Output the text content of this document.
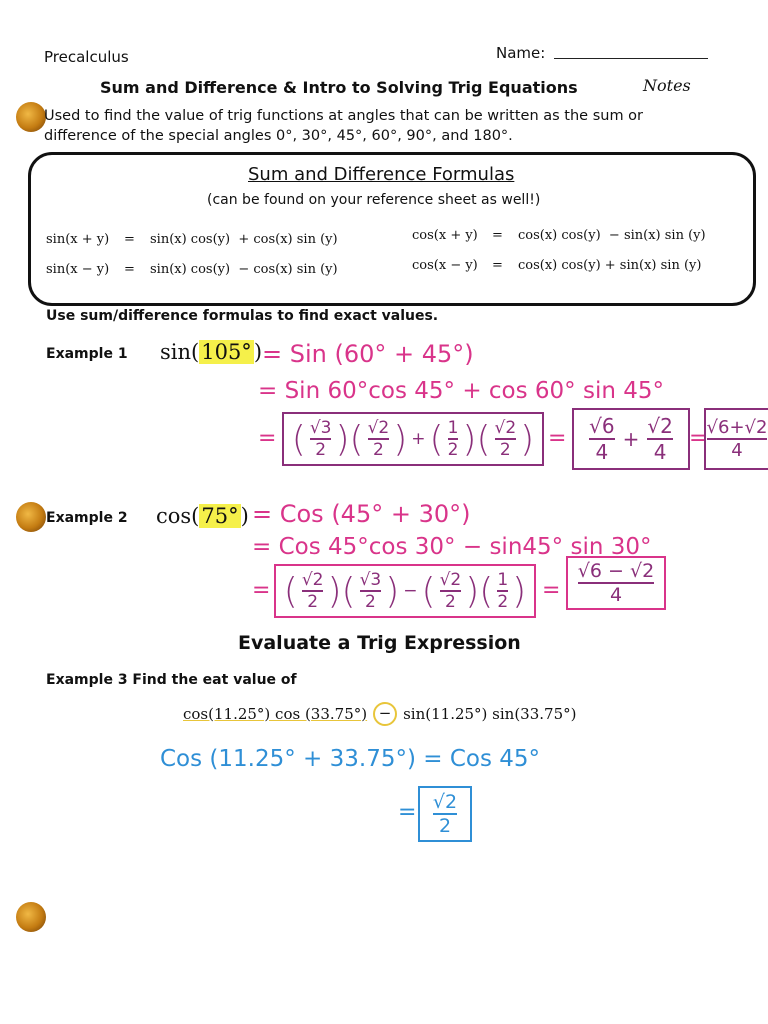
Precalculus	Name:
Sum and Difference & Intro to Solving Trig Equations	Notes
Used to find the value of trig functions at angles that can be written as the sum or
difference of the special angles 0°, 30°, 45°, 60°, 90°, and 180°.
Sum and Difference Formulas
(can be found on your reference sheet as well!)
sin(x + y) = sin(x) cos(y)  + cos(x) sin (y)
sin(x − y) = sin(x) cos(y)  − cos(x) sin (y)
cos(x + y) = cos(x) cos(y)  − sin(x) sin (y)
cos(x − y) = cos(x) cos(y) + sin(x) sin (y)
Use sum/difference formulas to find exact values.
Example 1 sin(105°) = Sin (60° + 45°)
= Sin 60°cos 45° + cos 60° sin 45°
= ( $\frac{√3}{2}$ )( $\frac{√2}{2}$ ) + ( $\frac{1}{2}$ )( $\frac{√2}{2}$ ) = $\frac{√6}{4} + \frac{√2}{4} = \frac{√6+√2}{4}$
Example 2 cos(75°) = Cos (45° + 30°)
= Cos 45°cos 30° − sin45° sin 30°
= ( $\frac{√2}{2}$ )( $\frac{√3}{2}$ ) − ( $\frac{√2}{2}$ )( $\frac{1}{2}$ ) = $\frac{√6 - √2}{4}$
Evaluate a Trig Expression
Example 3 Find the eat value of
cos(11.25°) cos (33.75°) − sin(11.25°) sin(33.75°)
Cos (11.25° + 33.75°) = Cos 45°
= $\frac{√2}{2}$
